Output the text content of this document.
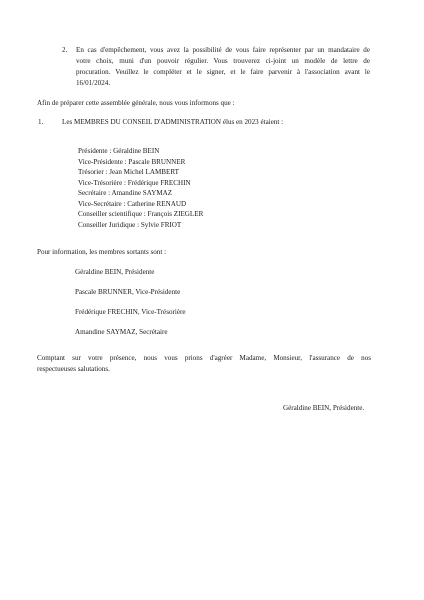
2. En cas d'empêchement, vous avez la possibilité de vous faire représenter par un mandataire de

votre choix, muni d'un pouvoir régulier. Vous trouverez ci-joint un modèle de lettre de

procuration. Veuillez le compléter et le signer, et le faire parvenir à l'association avant le

16/01/2024.

Afin de préparer cette assemblée générale, nous vous informons que :

1.	Les MEMBRES DU CONSEIL D'ADMINISTRATION élus en 2023 étaient :

Présidente : Géraldine BEIN

Vice-Présidente : Pascale BRUNNER

Trésorier : Jean Michel LAMBERT

Vice-Trésorière : Frédérique FRECHIN

Secrétaire : Amandine SAYMAZ

Vice-Secrétaire : Catherine RENAUD

Conseiller scientifique : François ZIEGLER

Conseiller Juridique : Sylvie FRIOT

Pour information, les membres sortants sont :

Géraldine BEIN, Présidente

Pascale BRUNNER, Vice-Présidente

Frédérique FRECHIN, Vice-Trésorière

Amandine SAYMAZ, Secrétaire

Comptant sur votre présence, nous vous prions d'agréer Madame, Monsieur, l'assurance de nos

respectueuses salutations.

Géraldine BEIN, Présidente.
